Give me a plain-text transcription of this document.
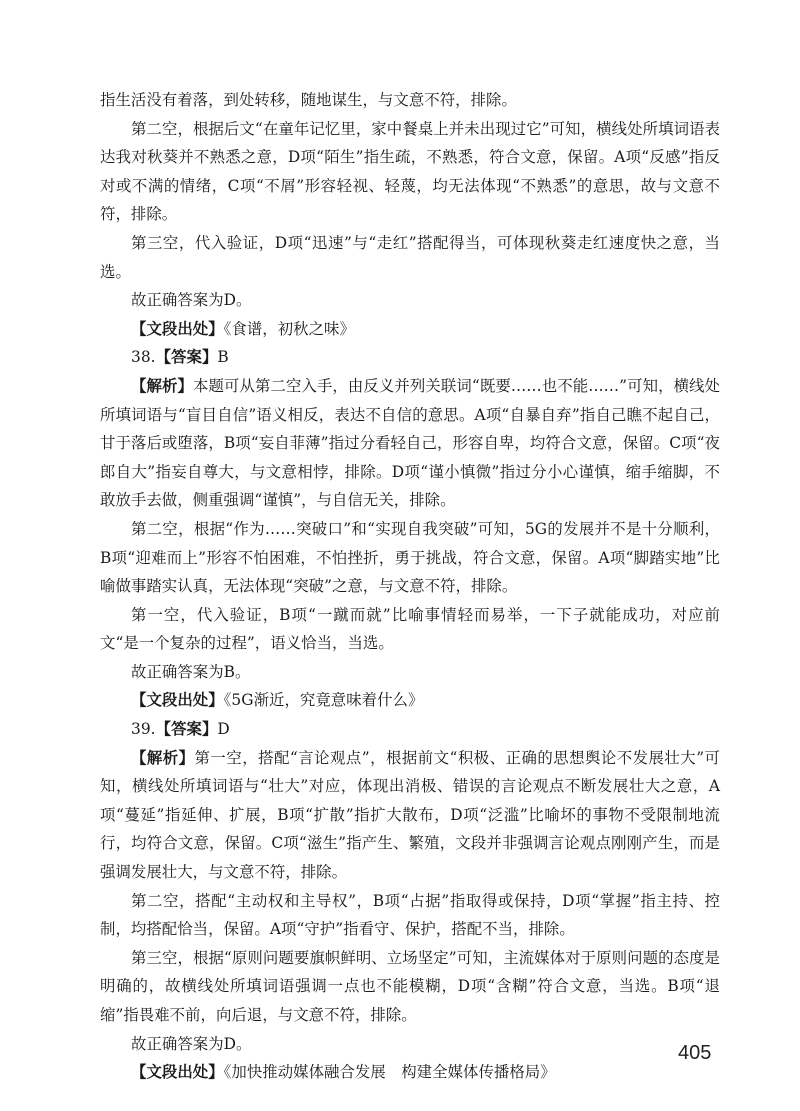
指生活没有着落，到处转移，随地谋生，与文意不符，排除。

第二空，根据后文“在童年记忆里，家中餐桌上并未出现过它”可知，横线处所填词语表达我对秋葵并不熟悉之意，D项“陌生”指生疏，不熟悉，符合文意，保留。A项“反感”指反对或不满的情绪，C项“不屑”形容轻视、轻蔑，均无法体现“不熟悉”的意思，故与文意不符，排除。

第三空，代入验证，D项“迅速”与“走红”搭配得当，可体现秋葵走红速度快之意，当选。

故正确答案为D。

【文段出处】《食谱，初秋之味》

38.【答案】B

【解析】本题可从第二空入手，由反义并列关联词“既要……也不能……”可知，横线处所填词语与“盲目自信”语义相反，表达不自信的意思。A项“自暴自弃”指自己瞧不起自己，甘于落后或堕落，B项“妄自菲薄”指过分看轻自己，形容自卑，均符合文意，保留。C项“夜郎自大”指妄自尊大，与文意相悖，排除。D项“谨小慎微”指过分小心谨慎，缩手缩脚，不敢放手去做，侧重强调“谨慎”，与自信无关，排除。

第二空，根据“作为……突破口”和“实现自我突破”可知，5G的发展并不是十分顺利，B项“迎难而上”形容不怕困难，不怕挫折，勇于挑战，符合文意，保留。A项“脚踏实地”比喻做事踏实认真，无法体现“突破”之意，与文意不符，排除。

第一空，代入验证，B项“一蹴而就”比喻事情轻而易举，一下子就能成功，对应前文“是一个复杂的过程”，语义恰当，当选。

故正确答案为B。

【文段出处】《5G渐近，究竟意味着什么》

39.【答案】D

【解析】第一空，搭配“言论观点”，根据前文“积极、正确的思想舆论不发展壮大”可知，横线处所填词语与“壮大”对应，体现出消极、错误的言论观点不断发展壮大之意，A项“蔓延”指延伸、扩展，B项“扩散”指扩大散布，D项“泛滥”比喻坏的事物不受限制地流行，均符合文意，保留。C项“滋生”指产生、繁殖，文段并非强调言论观点刚刚产生，而是强调发展壮大，与文意不符，排除。

第二空，搭配“主动权和主导权”，B项“占据”指取得或保持，D项“掌握”指主持、控制，均搭配恰当，保留。A项“守护”指看守、保护，搭配不当，排除。

第三空，根据“原则问题要旗帜鲜明、立场坚定”可知，主流媒体对于原则问题的态度是明确的，故横线处所填词语强调一点也不能模糊，D项“含糊”符合文意，当选。B项“退缩”指畏难不前，向后退，与文意不符，排除。

故正确答案为D。

【文段出处】《加快推动媒体融合发展　构建全媒体传播格局》

405
